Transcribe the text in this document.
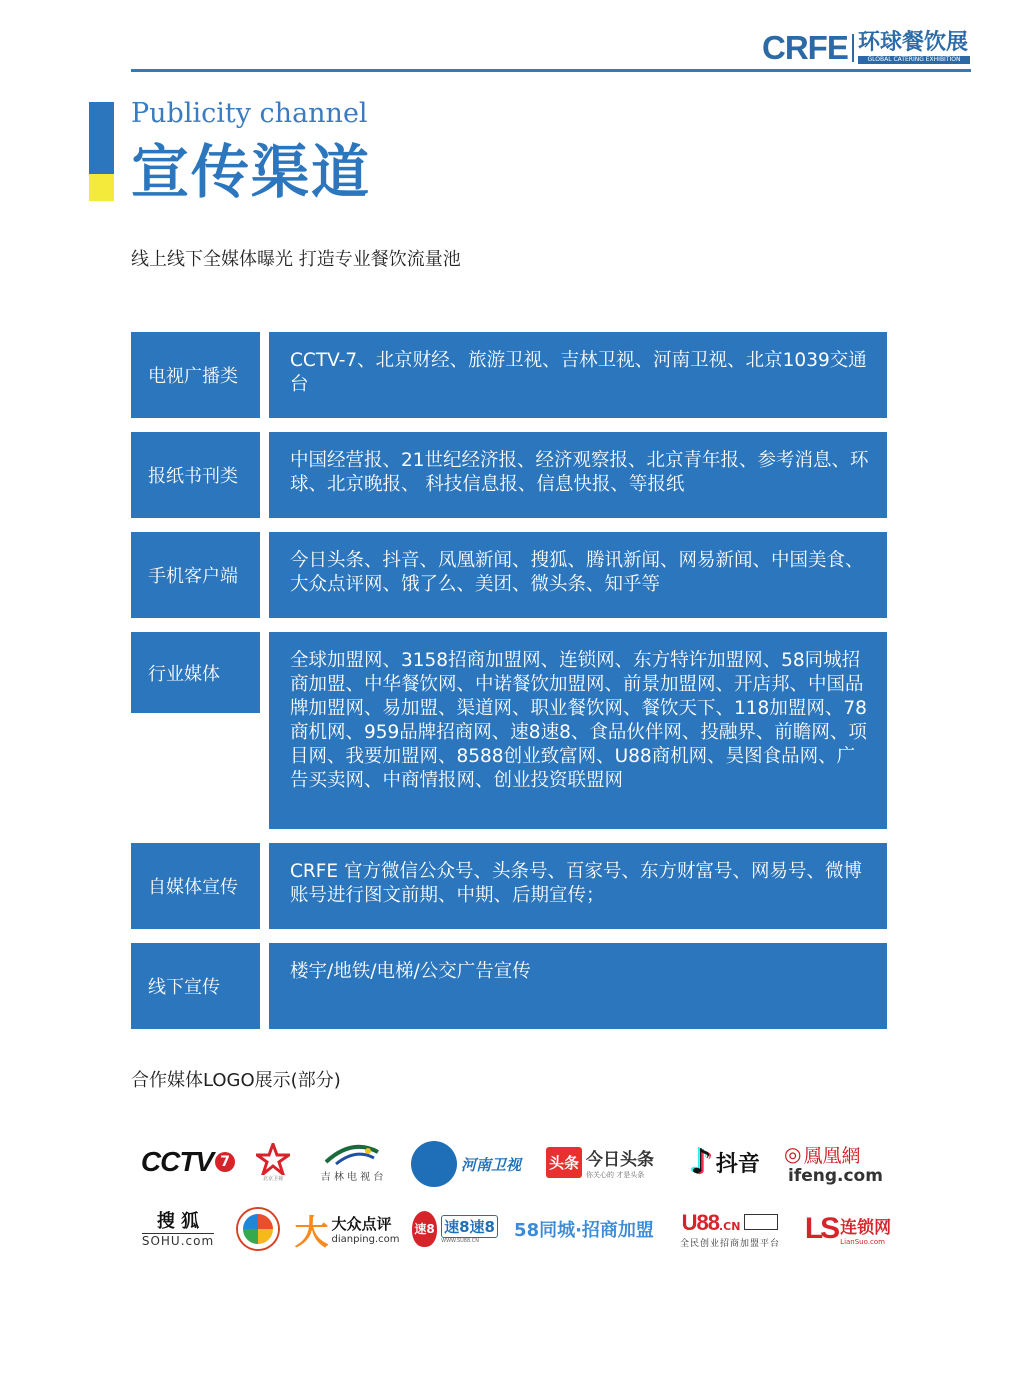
CRFE 环球餐饮展
GLOBAL CATERING EXHIBITION
Publicity channel
宣传渠道
线上线下全媒体曝光 打造专业餐饮流量池
电视广播类
CCTV-7、北京财经、旅游卫视、吉林卫视、河南卫视、北京1039交通台
报纸书刊类
中国经营报、21世纪经济报、经济观察报、北京青年报、参考消息、环球、北京晚报、 科技信息报、信息快报、等报纸
手机客户端
今日头条、抖音、凤凰新闻、搜狐、腾讯新闻、网易新闻、中国美食、大众点评网、饿了么、美团、微头条、知乎等
行业媒体
全球加盟网、3158招商加盟网、连锁网、东方特许加盟网、58同城招商加盟、中华餐饮网、中诺餐饮加盟网、前景加盟网、开店邦、中国品牌加盟网、易加盟、渠道网、职业餐饮网、餐饮天下、118加盟网、78商机网、959品牌招商网、速8速8、食品伙伴网、投融界、前瞻网、项目网、我要加盟网、8588创业致富网、U88商机网、昊图食品网、广告买卖网、中商情报网、创业投资联盟网
自媒体宣传
CRFE 官方微信公众号、头条号、百家号、东方财富号、网易号、微博账号进行图文前期、中期、后期宣传；
线下宣传
楼宇/地铁/电梯/公交广告宣传
合作媒体LOGO展示(部分)
CCTV 7
北京卫视	吉 林 电 视 台
河南卫视 头条 今日头条
你关心的 才是头条 ♪ 抖音 ◎ 鳳凰網
ifeng.com
搜 狐
SOHU.com 大 大众点评
dianping.com
速8 速8速8
WWW.SU88.CN	58同城·招商加盟 U88 .CN
全民创业招商加盟平台 LS 连锁网
LianSuo.com
